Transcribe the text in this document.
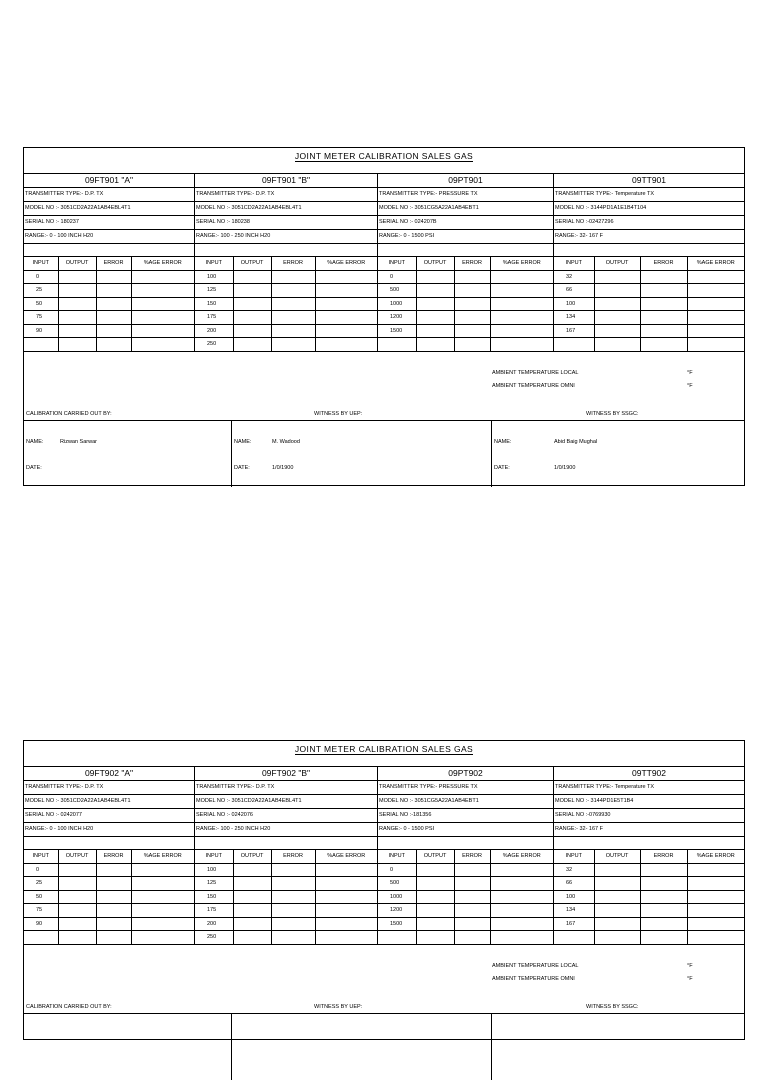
JOINT METER CALIBRATION SALES GAS
09FT901 "A"
TRANSMITTER TYPE:- D.P. TX
MODEL NO :- 3051CD2A22A1AB4EBL4T1
SERIAL NO :- 180237
RANGE:- 0 - 100 INCH H20
INPUT	OUTPUT	ERROR	%AGE ERROR
0			
25			
50			
75			
90			

09FT901 "B"
TRANSMITTER TYPE:- D.P. TX
MODEL NO :- 3051CD2A22A1AB4EBL4T1
SERIAL NO :- 180238
RANGE:- 100 - 250 INCH H20
INPUT	OUTPUT	ERROR	%AGE ERROR
100			
125			
150			
175			
200			
250			
09PT901
TRANSMITTER TYPE:- PRESSURE TX
MODEL NO :- 3051CG5A22A1AB4EBT1
SERIAL NO :- 024207B
RANGE:- 0 - 1500 PSI
INPUT	OUTPUT	ERROR	%AGE ERROR
0			
500			
1000			
1200			
1500			

09TT901
TRANSMITTER TYPE:- Temperature TX
MODEL NO :- 3144PD1A1E1B4T104
SERIAL NO :-02427296
RANGE:- 32- 167 F
INPUT	OUTPUT	ERROR	%AGE ERROR
32			
66			
100			
134			
167			

AMBIENT TEMPERATURE LOCAL	°F
AMBIENT TEMPERATURE OMNI	°F
CALIBRATION CARRIED OUT BY:	WITNESS BY UEP:	WITNESS BY SSGC:
NAME:	Rizwan Sarwar
DATE:
NAME:	M. Wadood
DATE:	1/0/1900
NAME:	Abid Baig Mughal
DATE:	1/0/1900
JOINT METER CALIBRATION SALES GAS
09FT902 "A"
TRANSMITTER TYPE:- D.P. TX
MODEL NO :- 3051CD2A22A1AB4EBL4T1
SERIAL NO :- 0242077
RANGE:- 0 - 100 INCH H20
INPUT	OUTPUT	ERROR	%AGE ERROR
0			
25			
50			
75			
90			

09FT902 "B"
TRANSMITTER TYPE:- D.P. TX
MODEL NO :- 3051CD2A22A1AB4EBL4T1
SERIAL NO :- 0242076
RANGE:- 100 - 250 INCH H20
INPUT	OUTPUT	ERROR	%AGE ERROR
100			
125			
150			
175			
200			
250			
09PT902
TRANSMITTER TYPE:- PRESSURE TX
MODEL NO :- 3051CG5A22A1AB4EBT1
SERIAL NO :-181356
RANGE:- 0 - 1500 PSI
INPUT	OUTPUT	ERROR	%AGE ERROR
0			
500			
1000			
1200			
1500			

09TT902
TRANSMITTER TYPE:- Temperature TX
MODEL NO :- 3144PD1E5T1B4
SERIAL NO :-0769930
RANGE:- 32- 167 F
INPUT	OUTPUT	ERROR	%AGE ERROR
32			
66			
100			
134			
167			

AMBIENT TEMPERATURE LOCAL	°F
AMBIENT TEMPERATURE OMNI	°F
CALIBRATION CARRIED OUT BY:	WITNESS BY UEP:	WITNESS BY SSGC:
